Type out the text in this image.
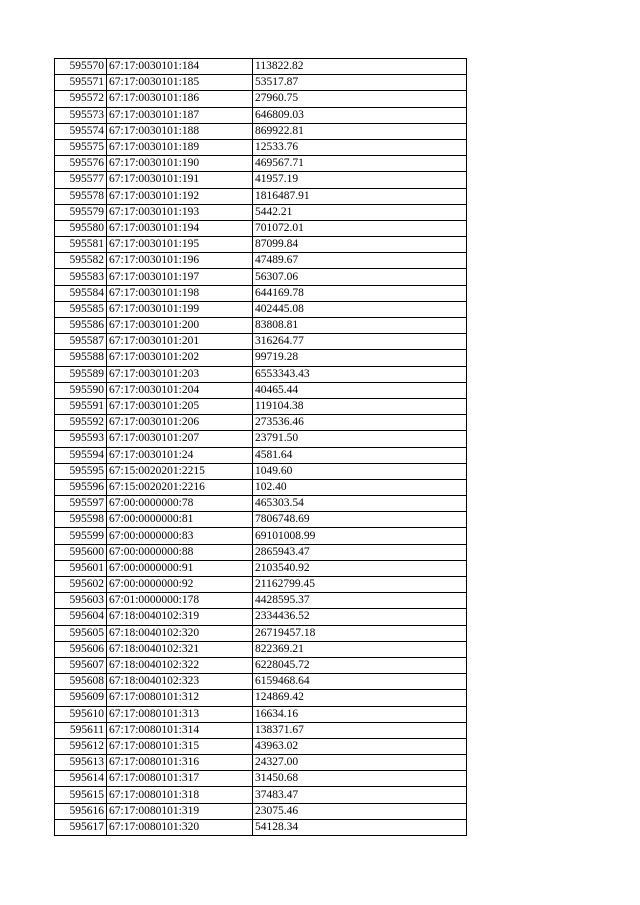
595570	67:17:0030101:184	113822.82
595571	67:17:0030101:185	53517.87
595572	67:17:0030101:186	27960.75
595573	67:17:0030101:187	646809.03
595574	67:17:0030101:188	869922.81
595575	67:17:0030101:189	12533.76
595576	67:17:0030101:190	469567.71
595577	67:17:0030101:191	41957.19
595578	67:17:0030101:192	1816487.91
595579	67:17:0030101:193	5442.21
595580	67:17:0030101:194	701072.01
595581	67:17:0030101:195	87099.84
595582	67:17:0030101:196	47489.67
595583	67:17:0030101:197	56307.06
595584	67:17:0030101:198	644169.78
595585	67:17:0030101:199	402445.08
595586	67:17:0030101:200	83808.81
595587	67:17:0030101:201	316264.77
595588	67:17:0030101:202	99719.28
595589	67:17:0030101:203	6553343.43
595590	67:17:0030101:204	40465.44
595591	67:17:0030101:205	119104.38
595592	67:17:0030101:206	273536.46
595593	67:17:0030101:207	23791.50
595594	67:17:0030101:24	4581.64
595595	67:15:0020201:2215	1049.60
595596	67:15:0020201:2216	102.40
595597	67:00:0000000:78	465303.54
595598	67:00:0000000:81	7806748.69
595599	67:00:0000000:83	69101008.99
595600	67:00:0000000:88	2865943.47
595601	67:00:0000000:91	2103540.92
595602	67:00:0000000:92	21162799.45
595603	67:01:0000000:178	4428595.37
595604	67:18:0040102:319	2334436.52
595605	67:18:0040102:320	26719457.18
595606	67:18:0040102:321	822369.21
595607	67:18:0040102:322	6228045.72
595608	67:18:0040102:323	6159468.64
595609	67:17:0080101:312	124869.42
595610	67:17:0080101:313	16634.16
595611	67:17:0080101:314	138371.67
595612	67:17:0080101:315	43963.02
595613	67:17:0080101:316	24327.00
595614	67:17:0080101:317	31450.68
595615	67:17:0080101:318	37483.47
595616	67:17:0080101:319	23075.46
595617	67:17:0080101:320	54128.34
